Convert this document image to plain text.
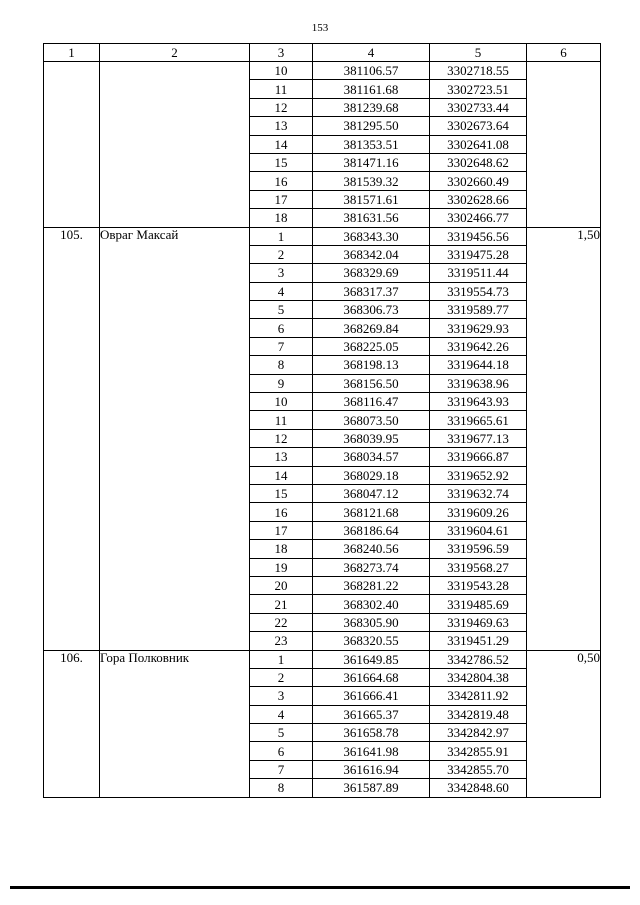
153
1	2	3	4	5	6
		10	381106.57	3302718.55	
		11	381161.68	3302723.51	
		12	381239.68	3302733.44	
		13	381295.50	3302673.64	
		14	381353.51	3302641.08	
		15	381471.16	3302648.62	
		16	381539.32	3302660.49	
		17	381571.61	3302628.66	
		18	381631.56	3302466.77	
105.	Овраг Максай	1	368343.30	3319456.56	1,50
		2	368342.04	3319475.28	
		3	368329.69	3319511.44	
		4	368317.37	3319554.73	
		5	368306.73	3319589.77	
		6	368269.84	3319629.93	
		7	368225.05	3319642.26	
		8	368198.13	3319644.18	
		9	368156.50	3319638.96	
		10	368116.47	3319643.93	
		11	368073.50	3319665.61	
		12	368039.95	3319677.13	
		13	368034.57	3319666.87	
		14	368029.18	3319652.92	
		15	368047.12	3319632.74	
		16	368121.68	3319609.26	
		17	368186.64	3319604.61	
		18	368240.56	3319596.59	
		19	368273.74	3319568.27	
		20	368281.22	3319543.28	
		21	368302.40	3319485.69	
		22	368305.90	3319469.63	
		23	368320.55	3319451.29	
106.	Гора Полковник	1	361649.85	3342786.52	0,50
		2	361664.68	3342804.38	
		3	361666.41	3342811.92	
		4	361665.37	3342819.48	
		5	361658.78	3342842.97	
		6	361641.98	3342855.91	
		7	361616.94	3342855.70	
		8	361587.89	3342848.60	
